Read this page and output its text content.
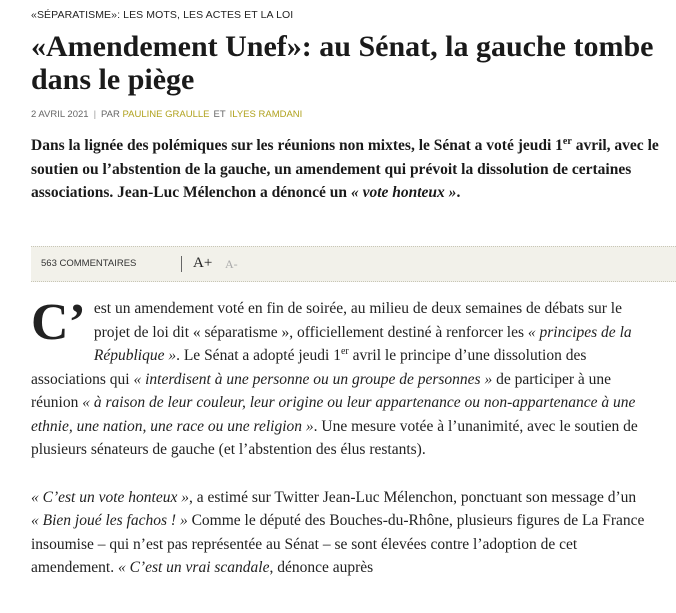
«SÉPARATISME»: LES MOTS, LES ACTES ET LA LOI
«Amendement Unef»: au Sénat, la gauche tombe dans le piège
2 AVRIL 2021 | PAR PAULINE GRAULLE ET ILYES RAMDANI

Dans la lignée des polémiques sur les réunions non mixtes, le Sénat a voté jeudi 1er avril, avec le soutien ou l’abstention de la gauche, un amendement qui prévoit la dissolution de certaines associations. Jean-Luc Mélenchon a dénoncé un « vote honteux ».

563 COMMENTAIRES	A+ A-

C’ est un amendement voté en fin de soirée, au milieu de deux semaines de débats sur le projet de loi dit « séparatisme », officiellement destiné à renforcer les « principes de la République ». Le Sénat a adopté jeudi 1er avril le principe d’une dissolution des associations qui « interdisent à une personne ou un groupe de personnes » de participer à une réunion « à raison de leur couleur, leur origine ou leur appartenance ou non-appartenance à une ethnie, une nation, une race ou une religion ». Une mesure votée à l’unanimité, avec le soutien de plusieurs sénateurs de gauche (et l’abstention des élus restants).

« C’est un vote honteux », a estimé sur Twitter Jean-Luc Mélenchon, ponctuant son message d’un « Bien joué les fachos ! » Comme le député des Bouches-du-Rhône, plusieurs figures de La France insoumise – qui n’est pas représentée au Sénat – se sont élevées contre l’adoption de cet amendement. « C’est un vrai scandale, dénonce auprès
